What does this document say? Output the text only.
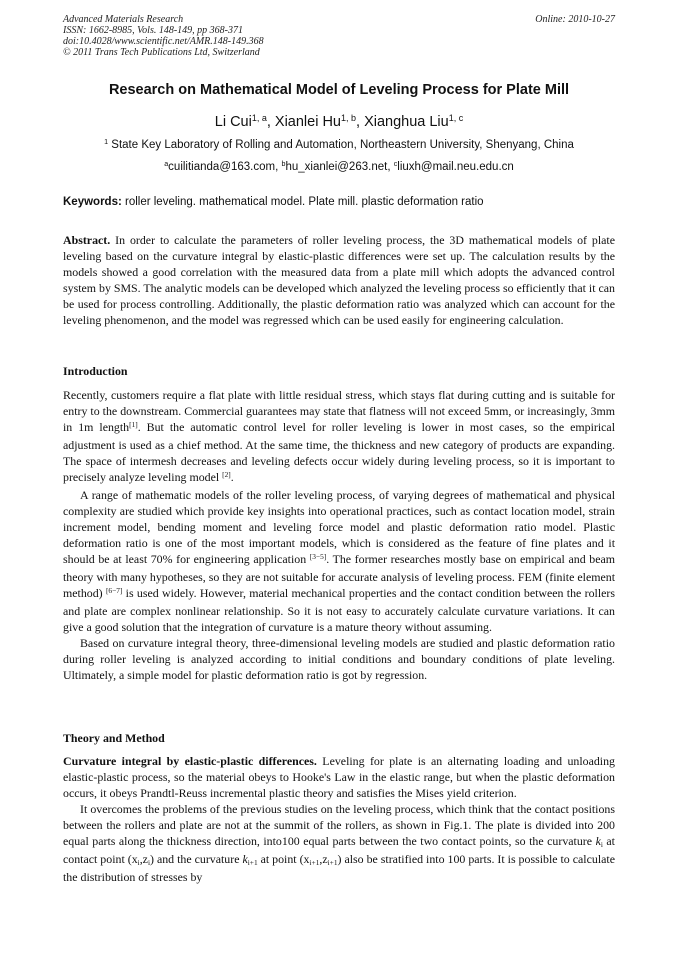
Advanced Materials Research
ISSN: 1662-8985, Vols. 148-149, pp 368-371
doi:10.4028/www.scientific.net/AMR.148-149.368
© 2011 Trans Tech Publications Ltd, Switzerland
Online: 2010-10-27
Research on Mathematical Model of Leveling Process for Plate Mill
Li Cui$^{1, a}$, Xianlei Hu$^{1, b}$, Xianghua Liu$^{1, c}$
$^1$ State Key Laboratory of Rolling and Automation, Northeastern University, Shenyang, China
$^a$cuilitianda@163.com, $^b$hu_xianlei@263.net, $^c$liuxh@mail.neu.edu.cn
Keywords: roller leveling. mathematical model. Plate mill. plastic deformation ratio

Abstract. In order to calculate the parameters of roller leveling process, the 3D mathematical models of plate leveling based on the curvature integral by elastic-plastic differences were set up. The calculation results by the models showed a good correlation with the measured data from a plate mill which adopts the advanced control system by SMS. The analytic models can be developed which analyzed the leveling process so efficiently that it can be used for process controlling. Additionally, the plastic deformation ratio was analyzed which can account for the leveling phenomenon, and the model was regressed which can be used easily for engineering calculation.

Introduction

Recently, customers require a flat plate with little residual stress, which stays flat during cutting and is suitable for entry to the downstream. Commercial guarantees may state that flatness will not exceed 5mm, or increasingly, 3mm in 1m length[1]. But the automatic control level for roller leveling is lower in most cases, so the empirical adjustment is used as a chief method. At the same time, the thickness and new category of products are expanding. The space of intermesh decreases and leveling defects occur widely during leveling process, so it is important to precisely analyze leveling model [2].

A range of mathematic models of the roller leveling process, of varying degrees of mathematical and physical complexity are studied which provide key insights into operational practices, such as contact location model, strain increment model, bending moment and leveling force model and plastic deformation ratio model. Plastic deformation ratio is one of the most important models, which is considered as the feature of fine plates and it should be at least 70% for engineering application [3−5]. The former researches mostly base on empirical and beam theory with many hypotheses, so they are not suitable for accurate analysis of leveling process. FEM (finite element method) [6−7] is used widely. However, material mechanical properties and the contact condition between the rollers and plate are complex nonlinear relationship. So it is not easy to accurately calculate curvature variations. It can give a good solution that the integration of curvature is a mature theory without assuming.

Based on curvature integral theory, three-dimensional leveling models are studied and plastic deformation ratio during roller leveling is analyzed according to initial conditions and boundary conditions of plate leveling. Ultimately, a simple model for plastic deformation ratio is got by regression.

Theory and Method

Curvature integral by elastic-plastic differences. Leveling for plate is an alternating loading and unloading elastic-plastic process, so the material obeys to Hooke's Law in the elastic range, but when the plastic deformation occurs, it obeys Prandtl-Reuss incremental plastic theory and satisfies the Mises yield criterion.

It overcomes the problems of the previous studies on the leveling process, which think that the contact positions between the rollers and plate are not at the summit of the rollers, as shown in Fig.1. The plate is divided into 200 equal parts along the thickness direction, into100 equal parts between the two contact points, so the curvature $k_i$ at contact point $(x_i,z_i)$ and the curvature $k_{i+1}$ at point $(x_{i+1},z_{i+1})$ also be stratified into 100 parts. It is possible to calculate the distribution of stresses by
